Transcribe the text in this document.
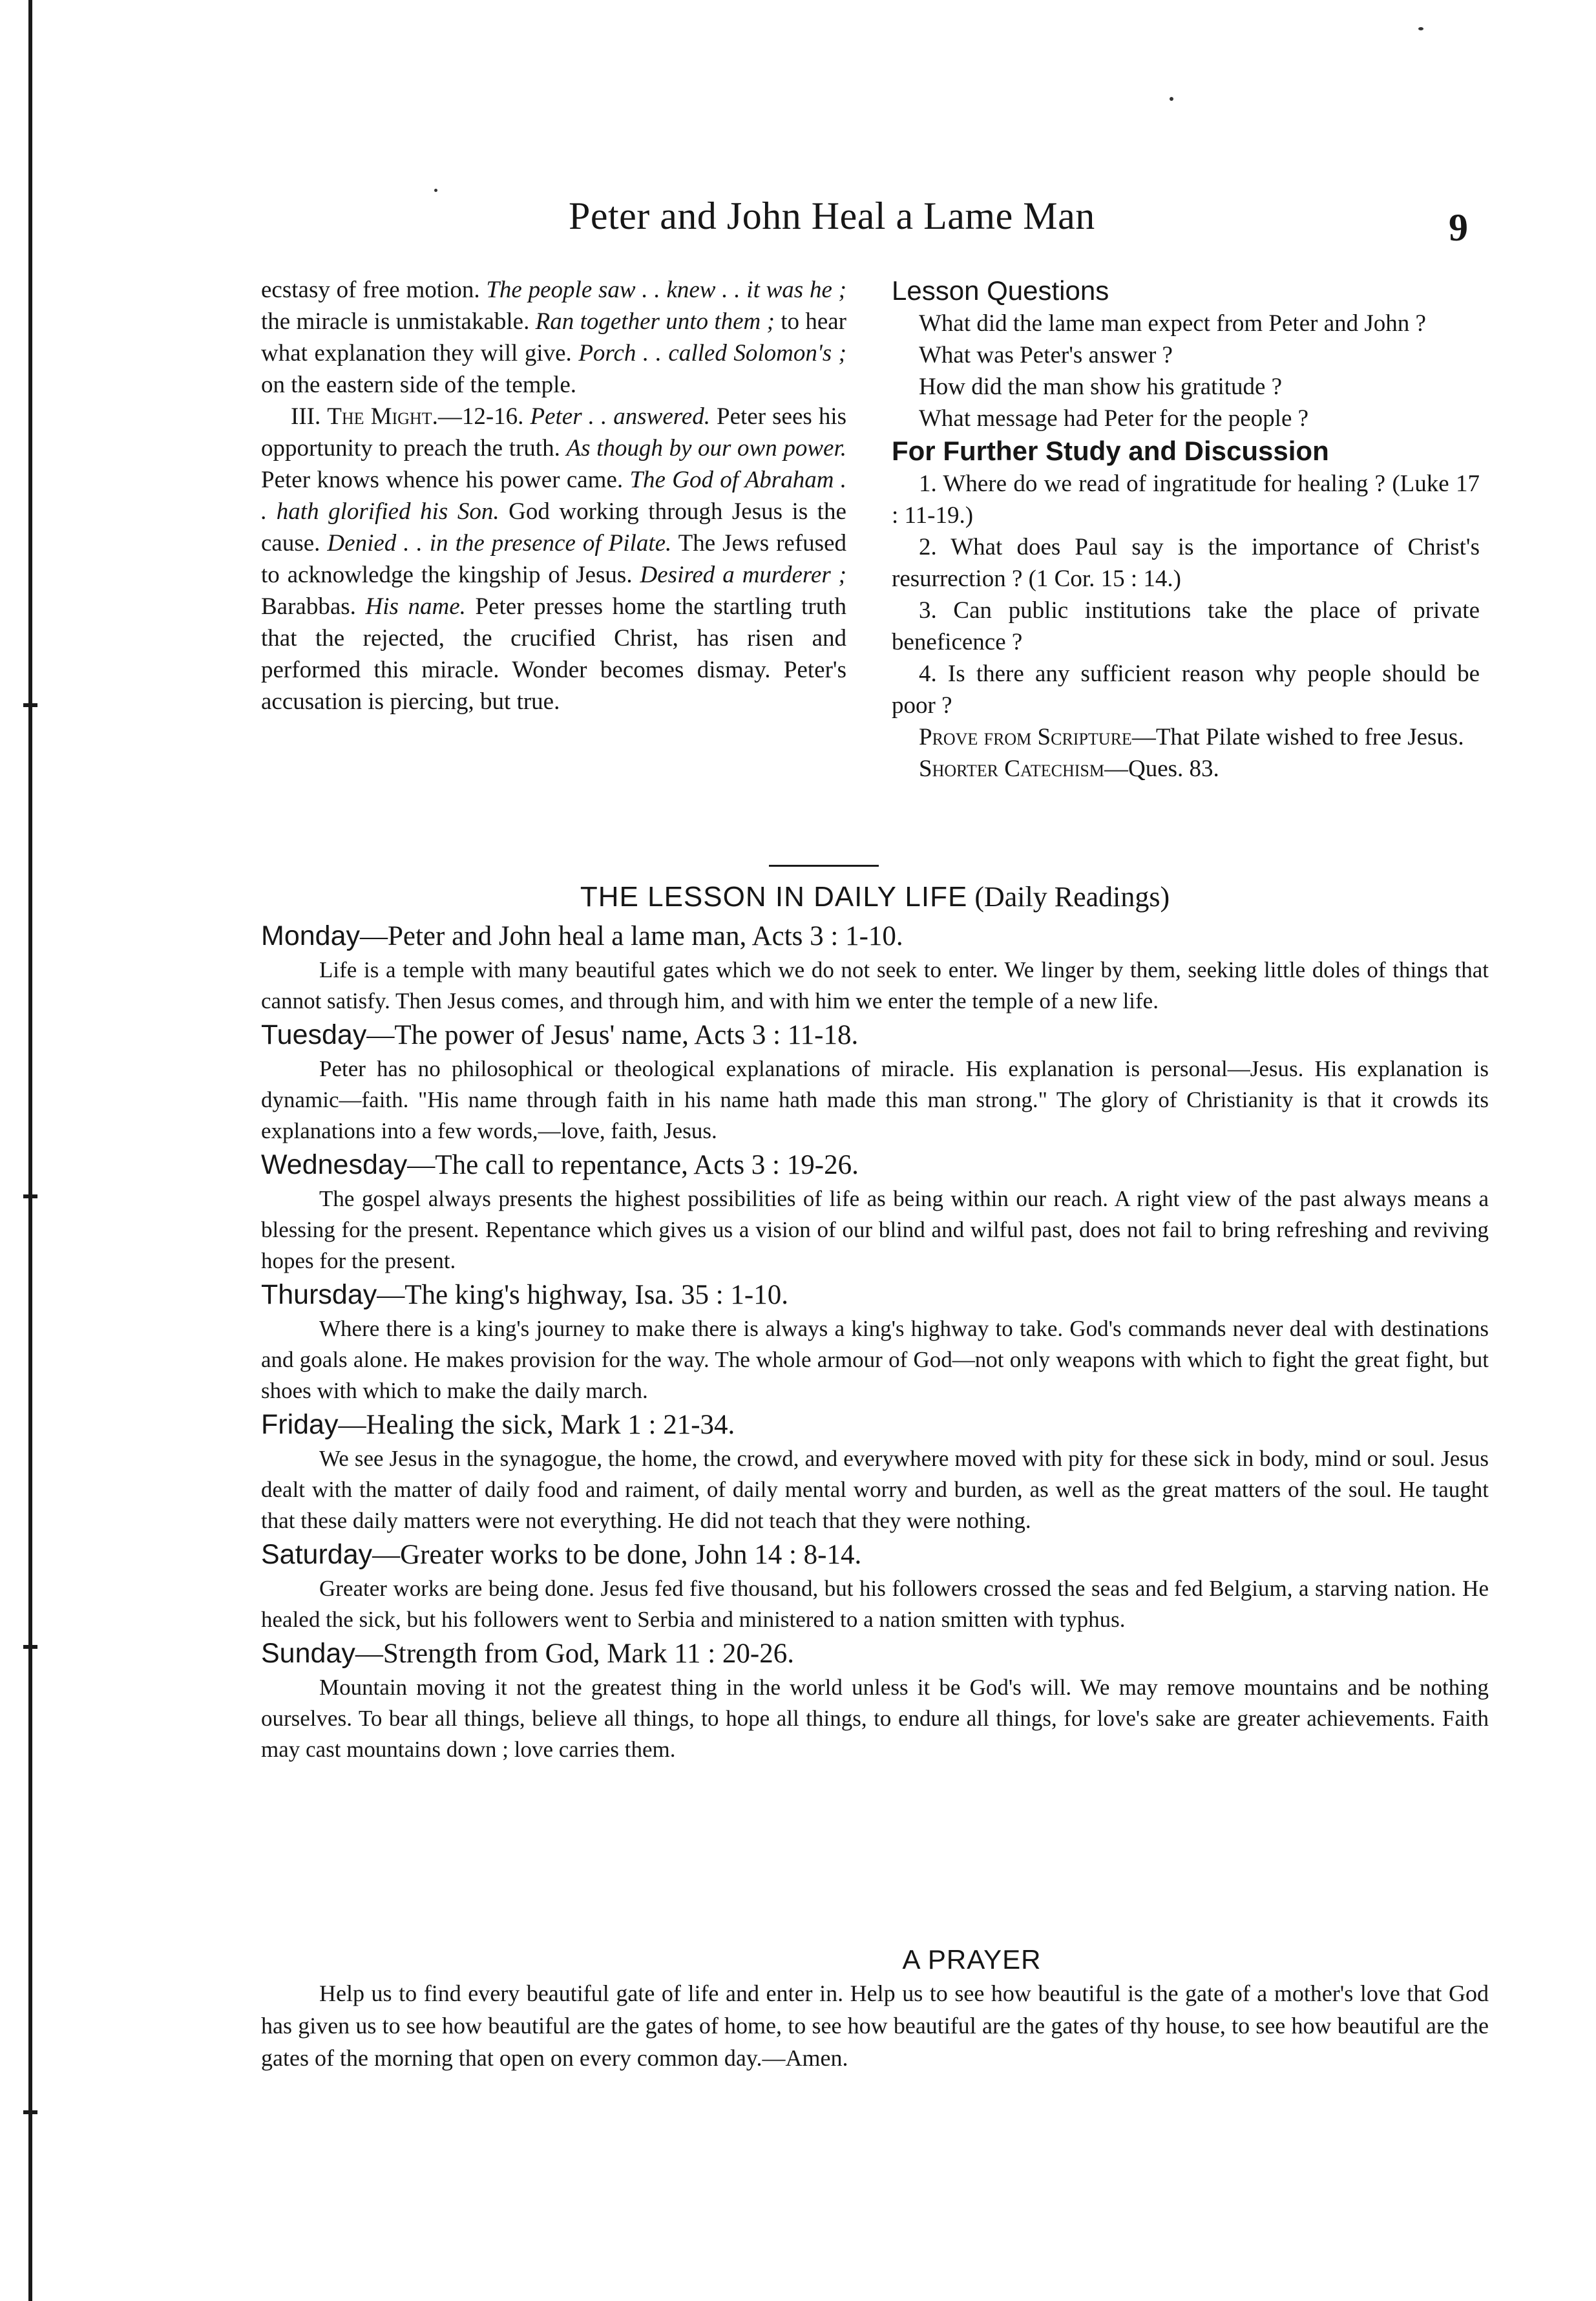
Peter and John Heal a Lame Man	9

ecstasy of free motion. The people saw . . knew . . it was he ; the miracle is unmistakable. Ran together unto them ; to hear what explanation they will give. Porch . . called Solomon's ; on the eastern side of the temple.

III. The Might.—12-16. Peter . . answered. Peter sees his opportunity to preach the truth. As though by our own power. Peter knows whence his power came. The God of Abraham . . hath glorified his Son. God working through Jesus is the cause. Denied . . in the presence of Pilate. The Jews refused to acknowledge the kingship of Jesus. Desired a murderer ; Barabbas. His name. Peter presses home the startling truth that the rejected, the crucified Christ, has risen and performed this miracle. Wonder becomes dismay. Peter's accusation is piercing, but true.

Lesson Questions

What did the lame man expect from Peter and John ?

What was Peter's answer ?

How did the man show his gratitude ?

What message had Peter for the people ?

For Further Study and Discussion

1. Where do we read of ingratitude for healing ? (Luke 17 : 11-19.)

2. What does Paul say is the importance of Christ's resurrection ? (1 Cor. 15 : 14.)

3. Can public institutions take the place of private beneficence ?

4. Is there any sufficient reason why people should be poor ?

Prove from Scripture—That Pilate wished to free Jesus.

Shorter Catechism—Ques. 83.

THE LESSON IN DAILY LIFE (Daily Readings)

Monday—Peter and John heal a lame man, Acts 3 : 1-10.

Life is a temple with many beautiful gates which we do not seek to enter. We linger by them, seeking little doles of things that cannot satisfy. Then Jesus comes, and through him, and with him we enter the temple of a new life.

Tuesday—The power of Jesus' name, Acts 3 : 11-18.

Peter has no philosophical or theological explanations of miracle. His explanation is personal—Jesus. His explanation is dynamic—faith. "His name through faith in his name hath made this man strong." The glory of Christianity is that it crowds its explanations into a few words,—love, faith, Jesus.

Wednesday—The call to repentance, Acts 3 : 19-26.

The gospel always presents the highest possibilities of life as being within our reach. A right view of the past always means a blessing for the present. Repentance which gives us a vision of our blind and wilful past, does not fail to bring refreshing and reviving hopes for the present.

Thursday—The king's highway, Isa. 35 : 1-10.

Where there is a king's journey to make there is always a king's highway to take. God's commands never deal with destinations and goals alone. He makes provision for the way. The whole armour of God—not only weapons with which to fight the great fight, but shoes with which to make the daily march.

Friday—Healing the sick, Mark 1 : 21-34.

We see Jesus in the synagogue, the home, the crowd, and everywhere moved with pity for these sick in body, mind or soul. Jesus dealt with the matter of daily food and raiment, of daily mental worry and burden, as well as the great matters of the soul. He taught that these daily matters were not everything. He did not teach that they were nothing.

Saturday—Greater works to be done, John 14 : 8-14.

Greater works are being done. Jesus fed five thousand, but his followers crossed the seas and fed Belgium, a starving nation. He healed the sick, but his followers went to Serbia and ministered to a nation smitten with typhus.

Sunday—Strength from God, Mark 11 : 20-26.

Mountain moving it not the greatest thing in the world unless it be God's will. We may remove mountains and be nothing ourselves. To bear all things, believe all things, to hope all things, to endure all things, for love's sake are greater achievements. Faith may cast mountains down ; love carries them.

A PRAYER

Help us to find every beautiful gate of life and enter in. Help us to see how beautiful is the gate of a mother's love that God has given us to see how beautiful are the gates of home, to see how beautiful are the gates of thy house, to see how beautiful are the gates of the morning that open on every common day.—Amen.
